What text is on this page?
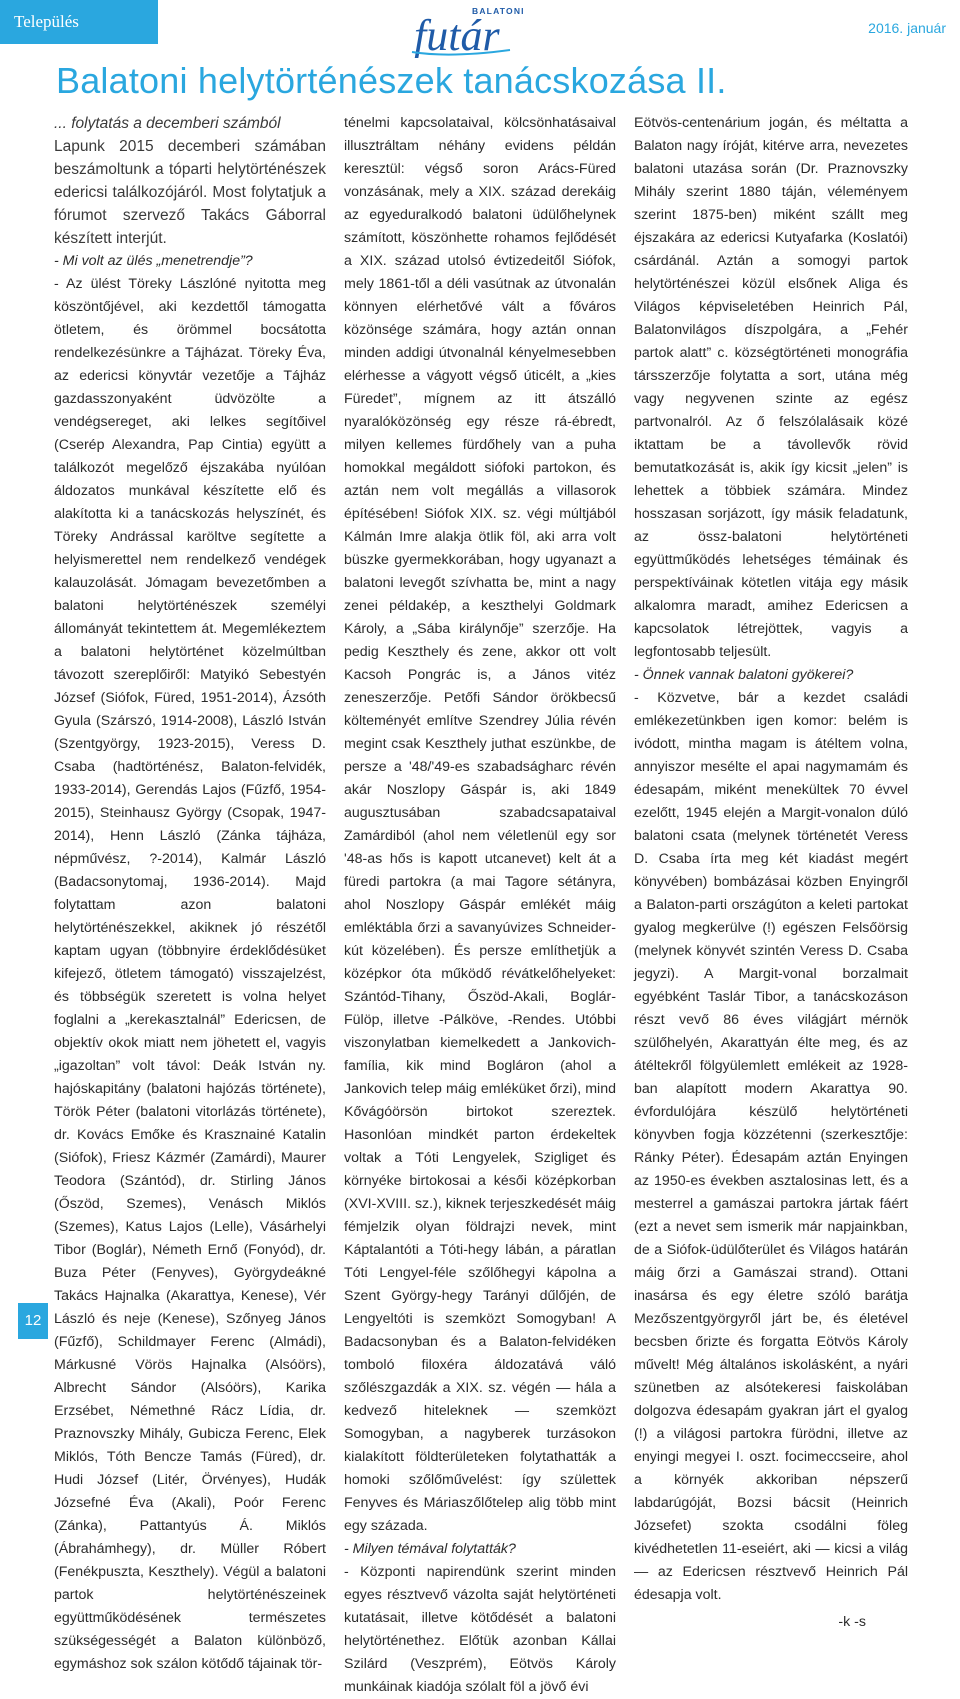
Település
BALATONI
futár	2016. január
Balatoni helytörténészek tanácskozása II.

... folytatás a decemberi számból

Lapunk 2015 decemberi számában beszámoltunk a tóparti helytörténészek edericsi találkozójáról. Most folytatjuk a fórumot szervező Takács Gáborral készített interjút.

- Mi volt az ülés „menetrendje”?

- Az ülést Töreky Lászlóné nyitotta meg köszöntőjével, aki kezdettől támogatta ötletem, és örömmel bocsátotta rendelkezésünkre a Tájházat. Töreky Éva, az edericsi könyvtár vezetője a Tájház gazdasszonyaként üdvözölte a vendégsereget, aki lelkes segítőivel (Cserép Alexandra, Pap Cintia) együtt a találkozót megelőző éjszakába nyúlóan áldozatos munkával készítette elő és alakította ki a tanácskozás helyszínét, és Töreky Andrással karöltve segítette a helyismerettel nem rendelkező vendégek kalauzolását. Jómagam bevezetőmben a balatoni helytörténészek személyi állományát tekintettem át. Megemlékeztem a balatoni helytörténet közelmúltban távozott szereplőiről: Matyikó Sebestyén József (Siófok, Füred, 1951-2014), Ázsóth Gyula (Szárszó, 1914-2008), László István (Szentgyörgy, 1923-2015), Veress D. Csaba (hadtörténész, Balaton-felvidék, 1933-2014), Gerendás Lajos (Fűzfő, 1954-2015), Steinhausz György (Csopak, 1947-2014), Henn László (Zánka tájháza, népművész, ?-2014), Kalmár László (Badacsonytomaj, 1936-2014). Majd folytattam azon balatoni helytörténészekkel, akiknek jó részétől kaptam ugyan (többnyire érdeklődésüket kifejező, ötletem támogató) visszajelzést, és többségük szeretett is volna helyet foglalni a „kerekasztalnál” Edericsen, de objektív okok miatt nem jöhetett el, vagyis „igazoltan” volt távol: Deák István ny. hajóskapitány (balatoni hajózás története), Török Péter (balatoni vitorlázás története), dr. Kovács Emőke és Krasznainé Katalin (Siófok), Friesz Kázmér (Zamárdi), Maurer Teodora (Szántód), dr. Stirling János (Őszöd, Szemes), Venásch Miklós (Szemes), Katus Lajos (Lelle), Vásárhelyi Tibor (Boglár), Németh Ernő (Fonyód), dr. Buza Péter (Fenyves), Györgydeákné Takács Hajnalka (Akarattya, Kenese), Vér László és neje (Kenese), Szőnyeg János (Fűzfő), Schildmayer Ferenc (Almádi), Márkusné Vörös Hajnalka (Alsóörs), Albrecht Sándor (Alsóörs), Karika Erzsébet, Némethné Rácz Lídia, dr. Praznovszky Mihály, Gubicza Ferenc, Elek Miklós, Tóth Bencze Tamás (Füred), dr. Hudi József (Litér, Örvényes), Hudák Józsefné Éva (Akali), Poór Ferenc (Zánka), Pattantyús Á. Miklós (Ábrahámhegy), dr. Müller Róbert (Fenékpuszta, Keszthely). Végül a balatoni partok helytörténészeinek együttműködésének természetes szükségességét a Balaton különböző, egymáshoz sok szálon kötődő tájainak tör-

ténelmi kapcsolataival, kölcsönhatásaival illusztráltam néhány evidens példán keresztül: végső soron Arács-Füred vonzásának, mely a XIX. század derekáig az egyeduralkodó balatoni üdülőhelynek számított, köszönhette rohamos fejlődését a XIX. század utolsó évtizedeitől Siófok, mely 1861-től a déli vasútnak az útvonalán könnyen elérhetővé vált a főváros közönsége számára, hogy aztán onnan minden addigi útvonalnál kényelmesebben elérhesse a vágyott végső úticélt, a „kies Füredet”, mígnem az itt átszálló nyaralóközönség egy része rá-ébredt, milyen kellemes fürdőhely van a puha homokkal megáldott siófoki partokon, és aztán nem volt megállás a villasorok építésében! Siófok XIX. sz. végi múltjából Kálmán Imre alakja ötlik föl, aki arra volt büszke gyermekkorában, hogy ugyanazt a balatoni levegőt szívhatta be, mint a nagy zenei példakép, a keszthelyi Goldmark Károly, a „Sába királynője” szerzője. Ha pedig Keszthely és zene, akkor ott volt Kacsoh Pongrác is, a János vitéz zeneszerzője. Petőfi Sándor örökbecsű költeményét említve Szendrey Júlia révén megint csak Keszthely juthat eszünkbe, de persze a '48/'49-es szabadságharc révén akár Noszlopy Gáspár is, aki 1849 augusztusában szabadcsapataival Zamárdiból (ahol nem véletlenül egy sor '48-as hős is kapott utcanevet) kelt át a füredi partokra (a mai Tagore sétányra, ahol Noszlopy Gáspár emlékét máig emléktábla őrzi a savanyúvizes Schneider-kút közelében). És persze említhetjük a középkor óta működő révátkelőhelyeket: Szántód-Tihany, Őszöd-Akali, Boglár-Fülöp, illetve -Pálköve, -Rendes. Utóbbi viszonylatban kiemelkedett a Jankovich-família, kik mind Bogláron (ahol a Jankovich telep máig emléküket őrzi), mind Kővágóörsön birtokot szereztek. Hasonlóan mindkét parton érdekeltek voltak a Tóti Lengyelek, Szigliget és környéke birtokosai a késői középkorban (XVI-XVIII. sz.), kiknek terjeszkedését máig fémjelzik olyan földrajzi nevek, mint Káptalantóti a Tóti-hegy lábán, a páratlan Tóti Lengyel-féle szőlőhegyi kápolna a Szent György-hegy Tarányi dűlőjén, de Lengyeltóti is szemközt Somogyban! A Badacsonyban és a Balaton-felvidéken tomboló filoxéra áldozatává váló szőlészgazdák a XIX. sz. végén — hála a kedvező hiteleknek — szemközt Somogyban, a nagyberek turzásokon kialakított földterületeken folytathatták a homoki szőlőművelést: így születtek Fenyves és Máriaszőlőtelep alig több mint egy százada.

- Milyen témával folytatták?

- Központi napirendünk szerint minden egyes résztvevő vázolta saját helytörténeti kutatásait, illetve kötődését a balatoni helytörténethez. Előtük azonban Kállai Szilárd (Veszprém), Eötvös Károly munkáinak kiadója szólalt föl a jövő évi

Eötvös-centenárium jogán, és méltatta a Balaton nagy íróját, kitérve arra, nevezetes balatoni utazása során (Dr. Praznovszky Mihály szerint 1880 táján, véleményem szerint 1875-ben) miként szállt meg éjszakára az edericsi Kutyafarka (Koslatói) csárdánál. Aztán a somogyi partok helytörténészei közül elsőnek Aliga és Világos képviseletében Heinrich Pál, Balatonvilágos díszpolgára, a „Fehér partok alatt” c. községtörténeti monográfia társszerzője folytatta a sort, utána még vagy negyvenen szinte az egész partvonalról. Az ő felszólalásaik közé iktattam be a távollevők rövid bemutatkozását is, akik így kicsit „jelen” is lehettek a többiek számára. Mindez hosszasan sorjázott, így másik feladatunk, az össz-balatoni helytörténeti együttműködés lehetséges témáinak és perspektíváinak kötetlen vitája egy másik alkalomra maradt, amihez Edericsen a kapcsolatok létrejöttek, vagyis a legfontosabb teljesült.

- Önnek vannak balatoni gyökerei?

- Közvetve, bár a kezdet családi emlékezetünkben igen komor: belém is ivódott, mintha magam is átéltem volna, annyiszor mesélte el apai nagymamám és édesapám, miként menekültek 70 évvel ezelőtt, 1945 elején a Margit-vonalon dúló balatoni csata (melynek történetét Veress D. Csaba írta meg két kiadást megért könyvében) bombázásai közben Enyingről a Balaton-parti országúton a keleti partokat gyalog megkerülve (!) egészen Felsőörsig (melynek könyvét szintén Veress D. Csaba jegyzi). A Margit-vonal borzalmait egyébként Taslár Tibor, a tanácskozáson részt vevő 86 éves világjárt mérnök szülőhelyén, Akarattyán élte meg, és az átéltekről fölgyülemlett emlékeit az 1928-ban alapított modern Akarattya 90. évfordulójára készülő helytörténeti könyvben fogja közzétenni (szerkesztője: Ránky Péter). Édesapám aztán Enyingen az 1950-es években asztalosinas lett, és a mesterrel a gamászai partokra jártak fáért (ezt a nevet sem ismerik már napjainkban, de a Siófok-üdülőterület és Világos határán máig őrzi a Gamászai strand). Ottani inasársa és egy életre szóló barátja Mezőszentgyörgyről járt be, és életével becsben őrizte és forgatta Eötvös Károly művelt! Még általános iskolásként, a nyári szünetben az alsótekeresi faiskolában dolgozva édesapám gyakran járt el gyalog (!) a világosi partokra fürödni, illetve az enyingi megyei I. oszt. focimeccseire, ahol a környék akkoriban népszerű labdarúgóját, Bozsi bácsit (Heinrich Józsefet) szokta csodálni föleg kivédhetetlen 11-eseiért, aki — kicsi a világ — az Edericsen résztvevő Heinrich Pál édesapja volt.

-k -s

12
